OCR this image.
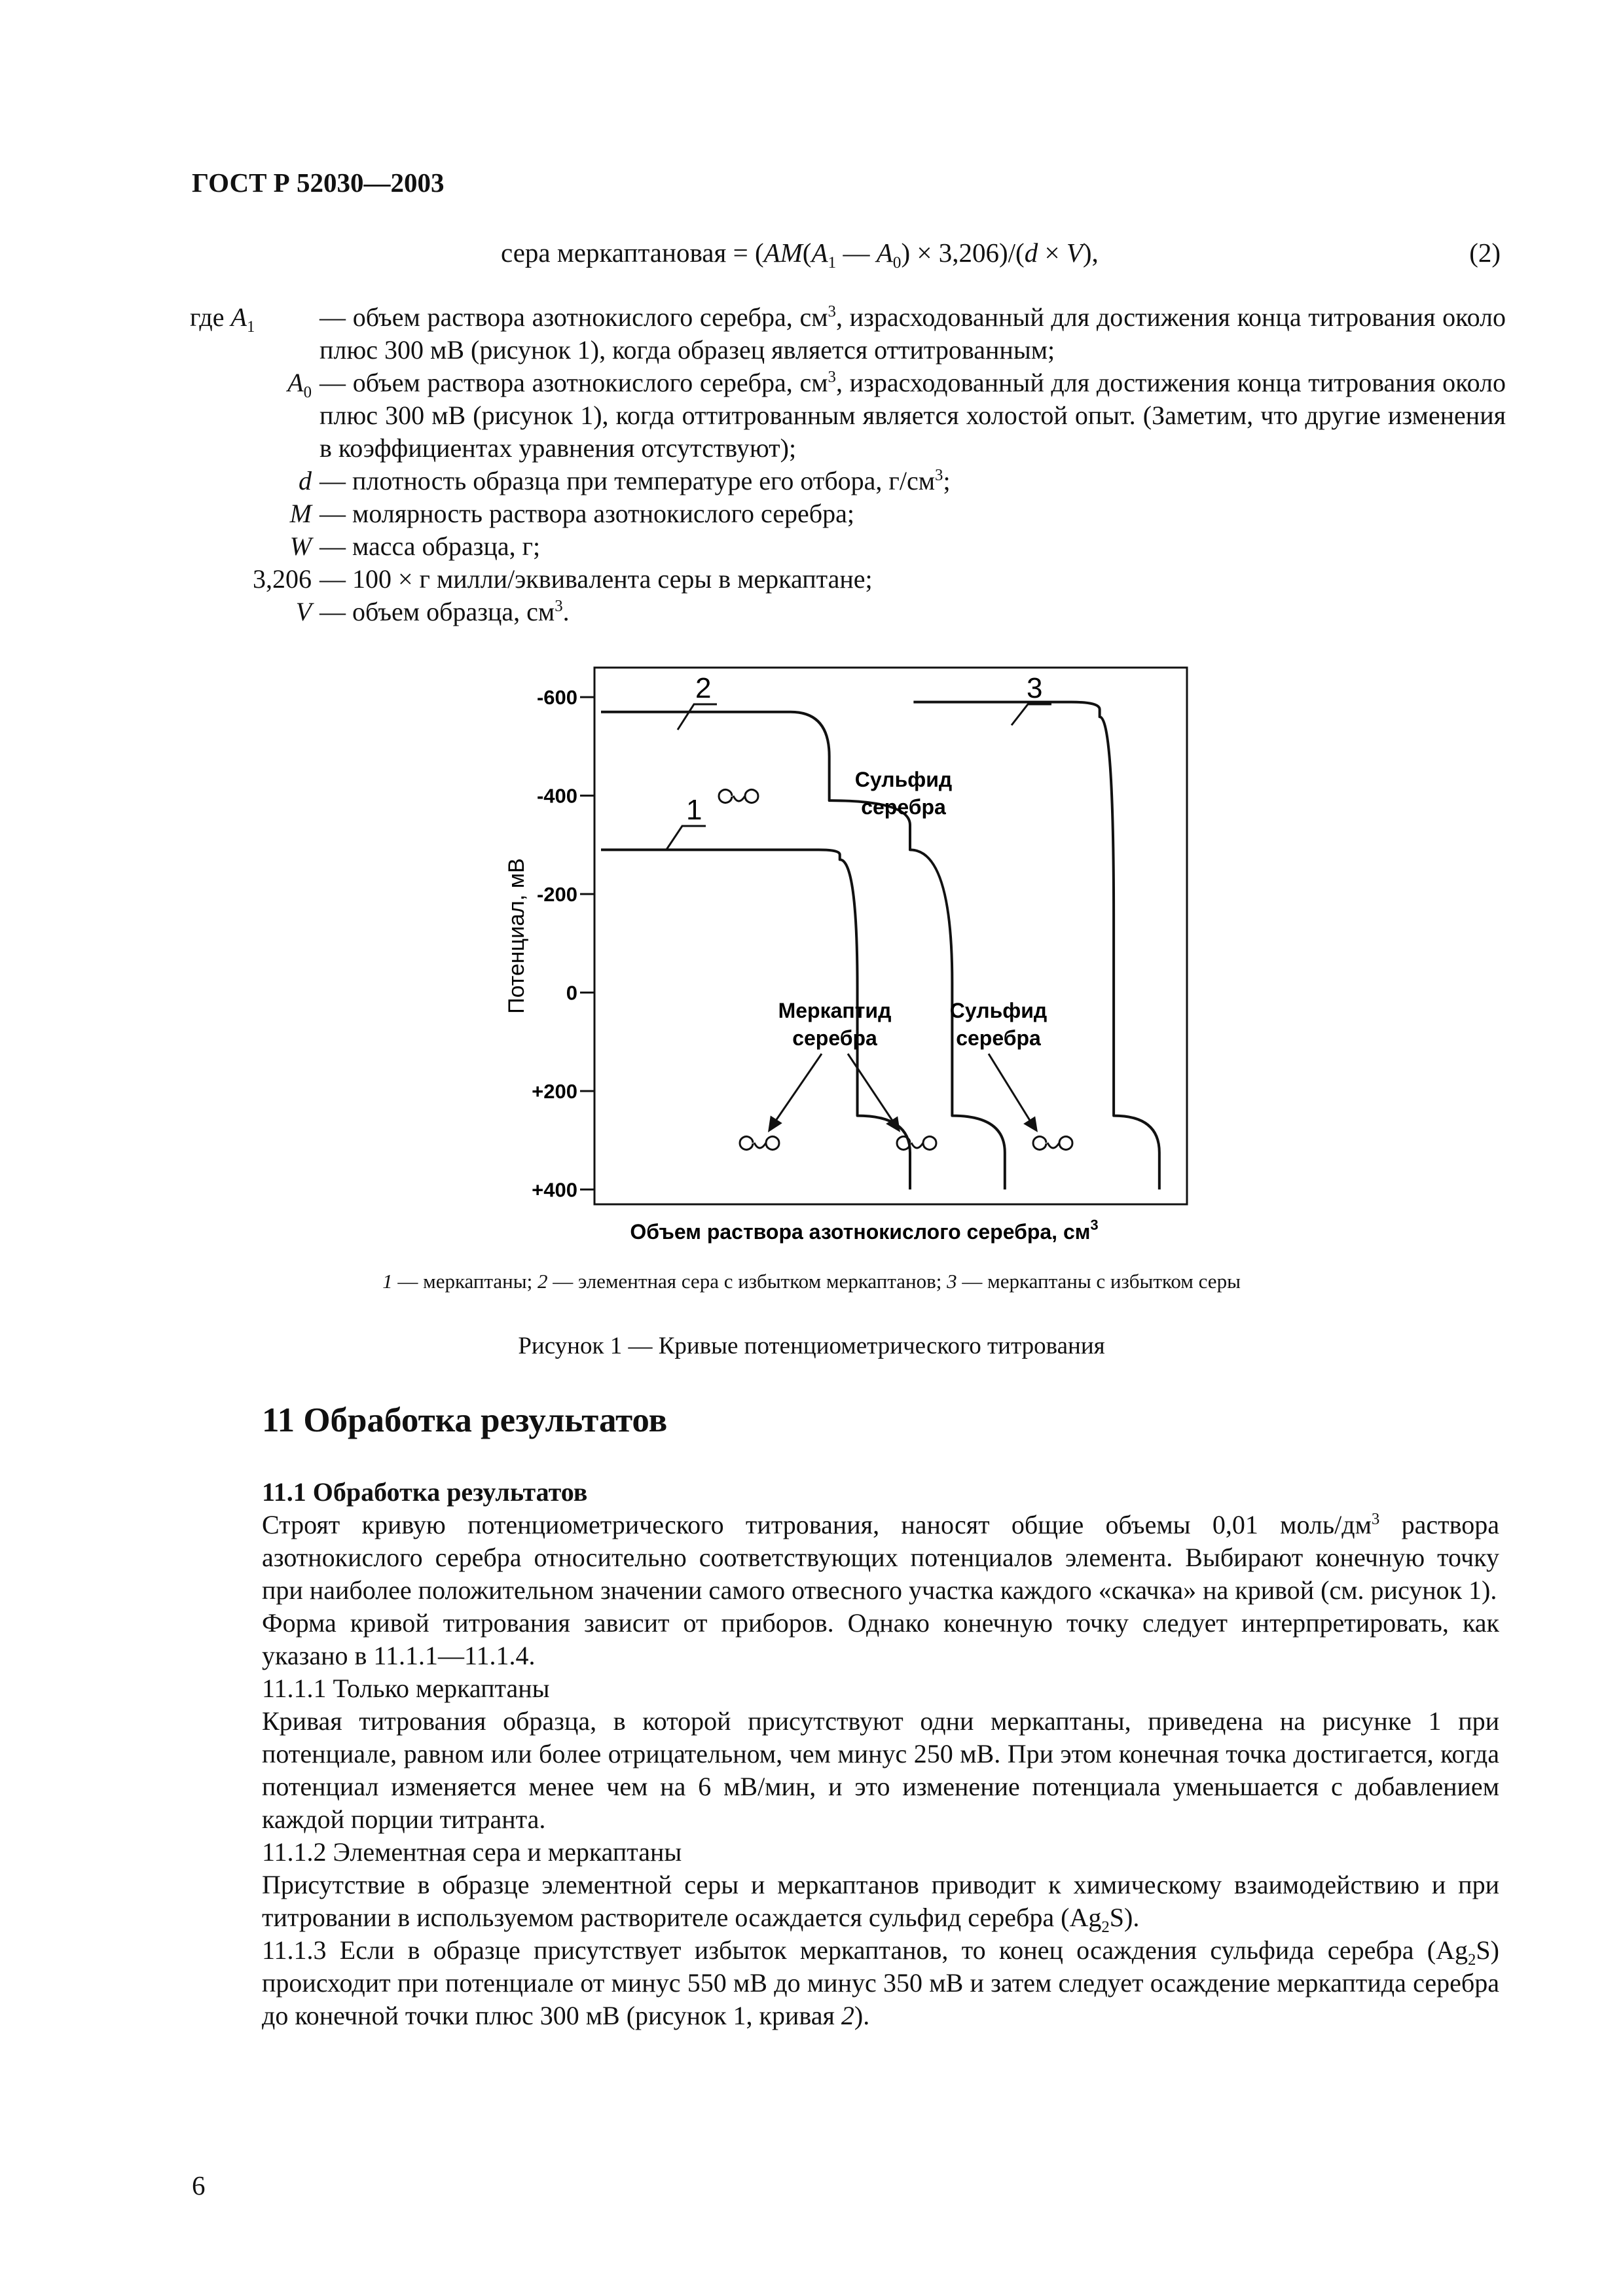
ГОСТ Р 52030—2003
сера меркаптановая = ($AM(A_1$ — $A_0) \times 3,206)/(d \times V)$,	(2)
где $A_1$	— объем раствора азотнокислого серебра, $см^3$, израсходованный для достижения конца титрования около плюс 300 мВ (рисунок 1), когда образец является оттитрованным;
$A_0$ — объем раствора азотнокислого серебра, $см^3$, израсходованный для достижения конца титрования около плюс 300 мВ (рисунок 1), когда оттитрованным является холостой опыт. (Заметим, что другие изменения в коэффициентах уравнения отсутствуют);
d — плотность образца при температуре его отбора, $г/см^3$;
M — молярность раствора азотнокислого серебра;
W — масса образца, г;
3,206 — 100 × г милли/эквивалента серы в меркаптане;
V — объем образца, $см^3$.
-600
-400
-200
0
+200
+400
Потенциал, мВ
Объем раствора азотнокислого серебра, $см^3$
2	3
1
Сульфид серебра
Меркаптид серебра
Сульфид серебра
1 — меркаптаны; 2 — элементная сера с избытком меркаптанов; 3 — меркаптаны с избытком серы
Рисунок 1 — Кривые потенциометрического титрования
11 Обработка результатов

11.1 Обработка результатов

Строят кривую потенциометрического титрования, наносят общие объемы 0,01 моль/$дм^3$ раствора азотнокислого серебра относительно соответствующих потенциалов элемента. Выбирают конечную точку при наиболее положительном значении самого отвесного участка каждого «скачка» на кривой (см. рисунок 1).

Форма кривой титрования зависит от приборов. Однако конечную точку следует интерпретировать, как указано в 11.1.1—11.1.4.

11.1.1 Только меркаптаны

Кривая титрования образца, в которой присутствуют одни меркаптаны, приведена на рисунке 1 при потенциале, равном или более отрицательном, чем минус 250 мВ. При этом конечная точка достигается, когда потенциал изменяется менее чем на 6 мВ/мин, и это изменение потенциала уменьшается с добавлением каждой порции титранта.

11.1.2 Элементная сера и меркаптаны

Присутствие в образце элементной серы и меркаптанов приводит к химическому взаимодействию и при титровании в используемом растворителе осаждается сульфид серебра $(Ag_2S)$.

11.1.3 Если в образце присутствует избыток меркаптанов, то конец осаждения сульфида серебра $(Ag_2S)$ происходит при потенциале от минус 550 мВ до минус 350 мВ и затем следует осаждение меркаптида серебра до конечной точки плюс 300 мВ (рисунок 1, кривая 2).

6
